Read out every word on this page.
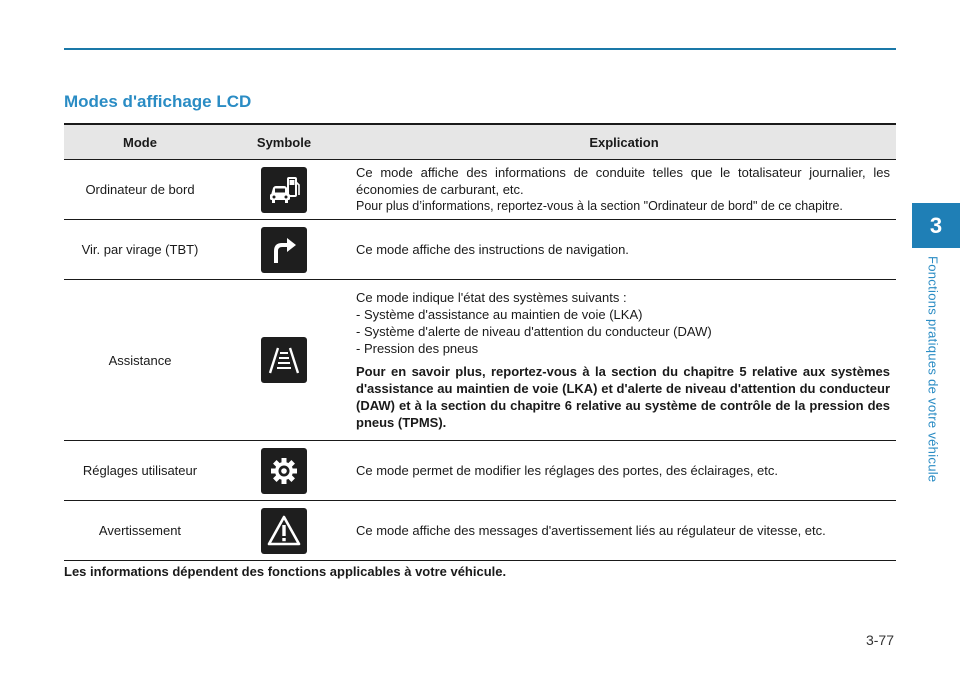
Modes d'affichage LCD
3
Fonctions pratiques de votre véhicule
Mode	Symbole	Explication
Ordinateur de bord		Ce mode affiche des informations de conduite telles que le totalisateur journalier, les économies de carburant, etc.
Pour plus d’informations, reportez-vous à la section "Ordinateur de bord" de ce chapitre.

Vir. par virage (TBT)		Ce mode affiche des instructions de navigation.

Assistance		Ce mode indique l'état des systèmes suivants :
- Système d'assistance au maintien de voie (LKA)
- Système d'alerte de niveau d'attention du conducteur (DAW)
- Pression des pneus
Pour en savoir plus, reportez-vous à la section du chapitre 5 relative aux systèmes d'assistance au maintien de voie (LKA) et d'alerte de niveau d'attention du conducteur (DAW) et à la section du chapitre 6 relative au système de contrôle de la pression des pneus (TPMS).

Réglages utilisateur		Ce mode permet de modifier les réglages des portes, des éclairages, etc.

Avertissement		Ce mode affiche des messages d'avertissement liés au régulateur de vitesse, etc.
Les informations dépendent des fonctions applicables à votre véhicule.
3-77
